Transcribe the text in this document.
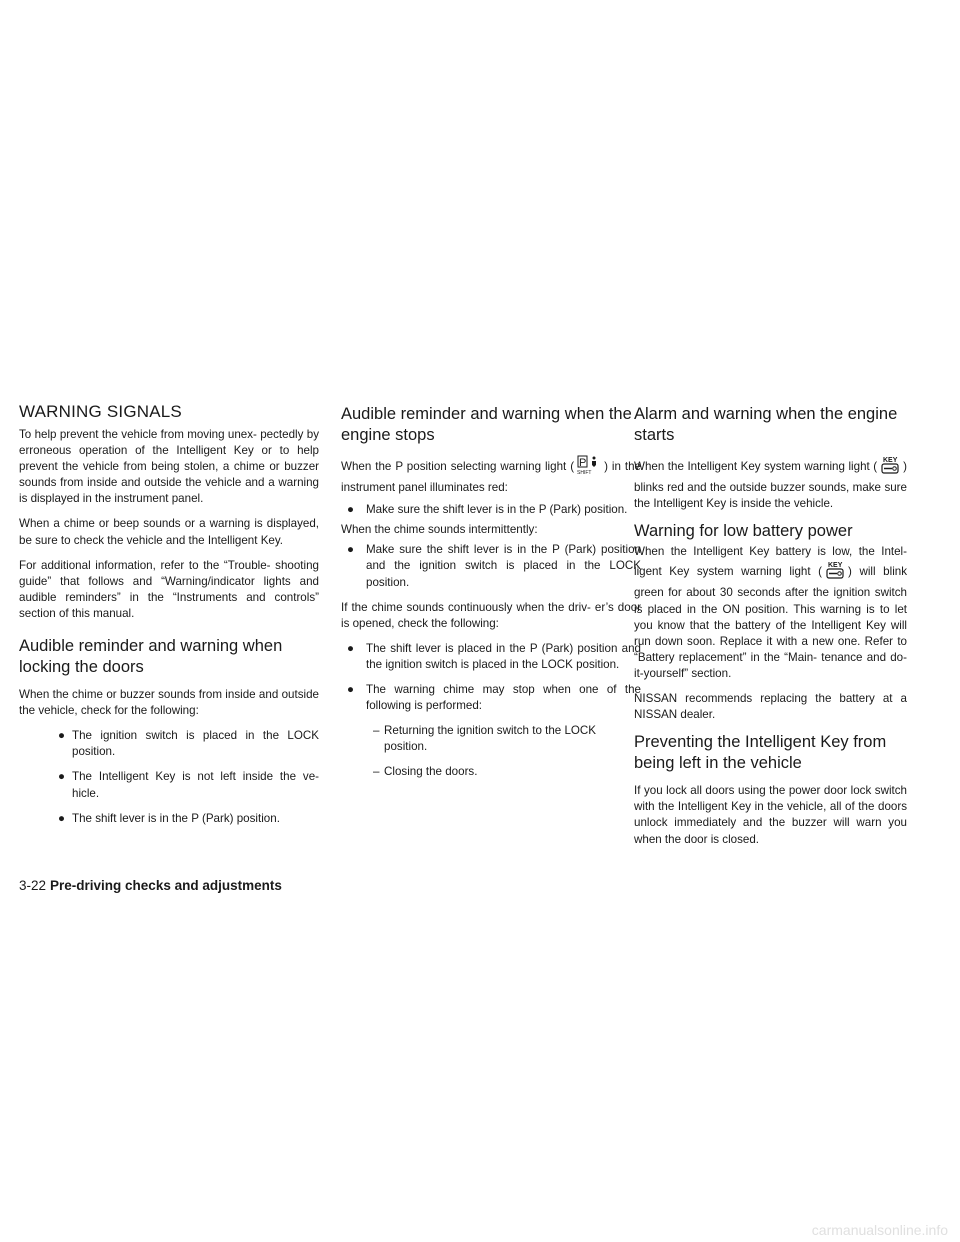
WARNING SIGNALS

To help prevent the vehicle from moving unex- pectedly by erroneous operation of the Intelligent Key or to help prevent the vehicle from being stolen, a chime or buzzer sounds from inside and outside the vehicle and a warning is displayed in the instrument panel.

When a chime or beep sounds or a warning is displayed, be sure to check the vehicle and the Intelligent Key.

For additional information, refer to the “Trouble- shooting guide” that follows and “Warning/indicator lights and audible reminders” in the “Instruments and controls” section of this manual.

Audible reminder and warning when locking the doors

When the chime or buzzer sounds from inside and outside the vehicle, check for the following:

● The ignition switch is placed in the LOCK position.
● The Intelligent Key is not left inside the ve- hicle.
● The shift lever is in the P (Park) position.
Audible reminder and warning when the engine stops

When the P position selecting warning light ( P
SHIFT ) in the instrument panel illuminates red:

● Make sure the shift lever is in the P (Park) position.

When the chime sounds intermittently:

● Make sure the shift lever is in the P (Park) position and the ignition switch is placed in the LOCK position.

If the chime sounds continuously when the driv- er’s door is opened, check the following:

● The shift lever is placed in the P (Park) position and the ignition switch is placed in the LOCK position.
● The warning chime may stop when one of the following is performed:
– Returning the ignition switch to the LOCK position.
– Closing the doors.
Alarm and warning when the engine starts

When the Intelligent Key system warning light ( KEY ) blinks red and the outside buzzer sounds, make sure the Intelligent Key is inside the vehicle.

Warning for low battery power

When the Intelligent Key battery is low, the Intel- ligent Key system warning light ( KEY ) will blink green for about 30 seconds after the ignition switch is placed in the ON position. This warning is to let you know that the battery of the Intelligent Key will run down soon. Replace it with a new one. Refer to “Battery replacement” in the “Main- tenance and do-it-yourself” section.

NISSAN recommends replacing the battery at a NISSAN dealer.

Preventing the Intelligent Key from being left in the vehicle

If you lock all doors using the power door lock switch with the Intelligent Key in the vehicle, all of the doors unlock immediately and the buzzer will warn you when the door is closed.

3-22 Pre-driving checks and adjustments
carmanualsonline.info
